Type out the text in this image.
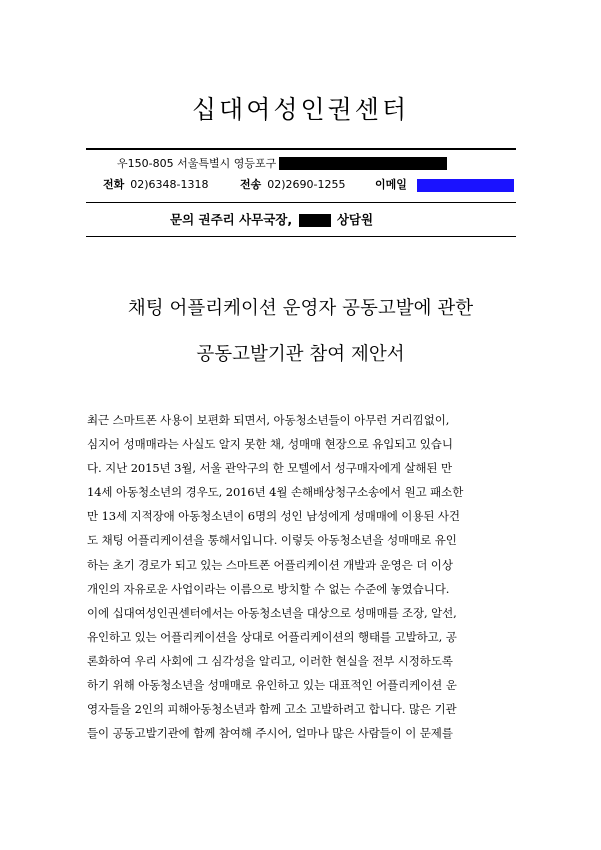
십대여성인권센터
우150-805 서울특별시 영등포구
전화 02)6348-1318	전송 02)2690-1255	이메일
문의 권주리 사무국장,	상담원
채팅 어플리케이션 운영자 공동고발에 관한
공동고발기관 참여 제안서
최근 스마트폰 사용이 보편화 되면서, 아동청소년들이 아무런 거리낌없이,
심지어 성매매라는 사실도 알지 못한 채, 성매매 현장으로 유입되고 있습니
다. 지난 2015년 3월, 서울 관악구의 한 모텔에서 성구매자에게 살해된 만
14세 아동청소년의 경우도, 2016년 4월 손해배상청구소송에서 원고 패소한
만 13세 지적장애 아동청소년이 6명의 성인 남성에게 성매매에 이용된 사건
도 채팅 어플리케이션을 통해서입니다. 이렇듯 아동청소년을 성매매로 유인
하는 초기 경로가 되고 있는 스마트폰 어플리케이션 개발과 운영은 더 이상
개인의 자유로운 사업이라는 이름으로 방치할 수 없는 수준에 놓였습니다.
이에 십대여성인권센터에서는 아동청소년을 대상으로 성매매를 조장, 알선,
유인하고 있는 어플리케이션을 상대로 어플리케이션의 행태를 고발하고, 공
론화하여 우리 사회에 그 심각성을 알리고, 이러한 현실을 전부 시정하도록
하기 위해 아동청소년을 성매매로 유인하고 있는 대표적인 어플리케이션 운
영자들을 2인의 피해아동청소년과 함께 고소 고발하려고 합니다. 많은 기관
들이 공동고발기관에 함께 참여해 주시어, 얼마나 많은 사람들이 이 문제를
